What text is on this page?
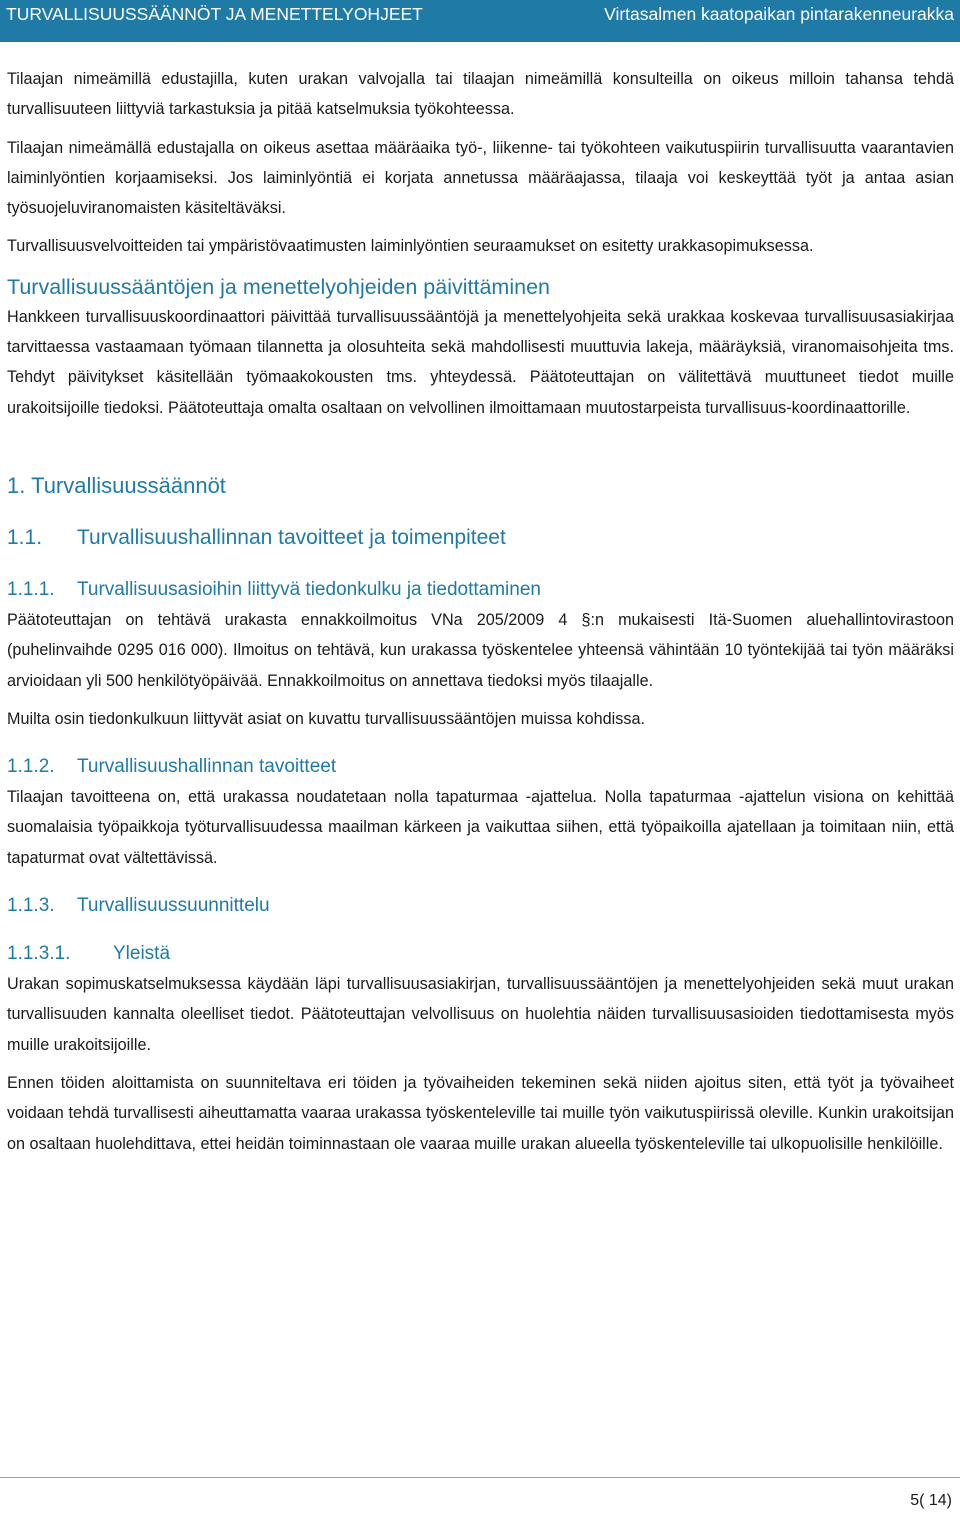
TURVALLISUUSSÄÄNNÖT JA MENETTELYOHJEET	Virtasalmen kaatopaikan pintarakenneurakka

Tilaajan nimeämillä edustajilla, kuten urakan valvojalla tai tilaajan nimeämillä konsulteilla on oikeus milloin tahansa tehdä turvallisuuteen liittyviä tarkastuksia ja pitää katselmuksia työkohteessa.

Tilaajan nimeämällä edustajalla on oikeus asettaa määräaika työ-, liikenne- tai työkohteen vaikutuspiirin turvallisuutta vaarantavien laiminlyöntien korjaamiseksi. Jos laiminlyöntiä ei korjata annetussa määräajassa, tilaaja voi keskeyttää työt ja antaa asian työsuojeluviranomaisten käsiteltäväksi.

Turvallisuusvelvoitteiden tai ympäristövaatimusten laiminlyöntien seuraamukset on esitetty urakkasopimuksessa.

Turvallisuussääntöjen ja menettelyohjeiden päivittäminen

Hankkeen turvallisuuskoordinaattori päivittää turvallisuussääntöjä ja menettelyohjeita sekä urakkaa koskevaa turvallisuusasiakirjaa tarvittaessa vastaamaan työmaan tilannetta ja olosuhteita sekä mahdollisesti muuttuvia lakeja, määräyksiä, viranomaisohjeita tms. Tehdyt päivitykset käsitellään työmaakokousten tms. yhteydessä. Päätoteuttajan on välitettävä muuttuneet tiedot muille urakoitsijoille tiedoksi. Päätoteuttaja omalta osaltaan on velvollinen ilmoittamaan muutostarpeista turvallisuus-koordinaattorille.

1. Turvallisuussäännöt
1.1. Turvallisuushallinnan tavoitteet ja toimenpiteet
1.1.1. Turvallisuusasioihin liittyvä tiedonkulku ja tiedottaminen

Päätoteuttajan on tehtävä urakasta ennakkoilmoitus VNa 205/2009 4 §:n mukaisesti Itä-Suomen aluehallintovirastoon (puhelinvaihde 0295 016 000). Ilmoitus on tehtävä, kun urakassa työskentelee yhteensä vähintään 10 työntekijää tai työn määräksi arvioidaan yli 500 henkilötyöpäivää. Ennakkoilmoitus on annettava tiedoksi myös tilaajalle.

Muilta osin tiedonkulkuun liittyvät asiat on kuvattu turvallisuussääntöjen muissa kohdissa.

1.1.2. Turvallisuushallinnan tavoitteet

Tilaajan tavoitteena on, että urakassa noudatetaan nolla tapaturmaa -ajattelua. Nolla tapaturmaa -ajattelun visiona on kehittää suomalaisia työpaikkoja työturvallisuudessa maailman kärkeen ja vaikuttaa siihen, että työpaikoilla ajatellaan ja toimitaan niin, että tapaturmat ovat vältettävissä.

1.1.3. Turvallisuussuunnittelu
1.1.3.1. Yleistä

Urakan sopimuskatselmuksessa käydään läpi turvallisuusasiakirjan, turvallisuussääntöjen ja menettelyohjeiden sekä muut urakan turvallisuuden kannalta oleelliset tiedot. Päätoteuttajan velvollisuus on huolehtia näiden turvallisuusasioiden tiedottamisesta myös muille urakoitsijoille.

Ennen töiden aloittamista on suunniteltava eri töiden ja työvaiheiden tekeminen sekä niiden ajoitus siten, että työt ja työvaiheet voidaan tehdä turvallisesti aiheuttamatta vaaraa urakassa työskenteleville tai muille työn vaikutuspiirissä oleville. Kunkin urakoitsijan on osaltaan huolehdittava, ettei heidän toiminnastaan ole vaaraa muille urakan alueella työskenteleville tai ulkopuolisille henkilöille.

5( 14)
